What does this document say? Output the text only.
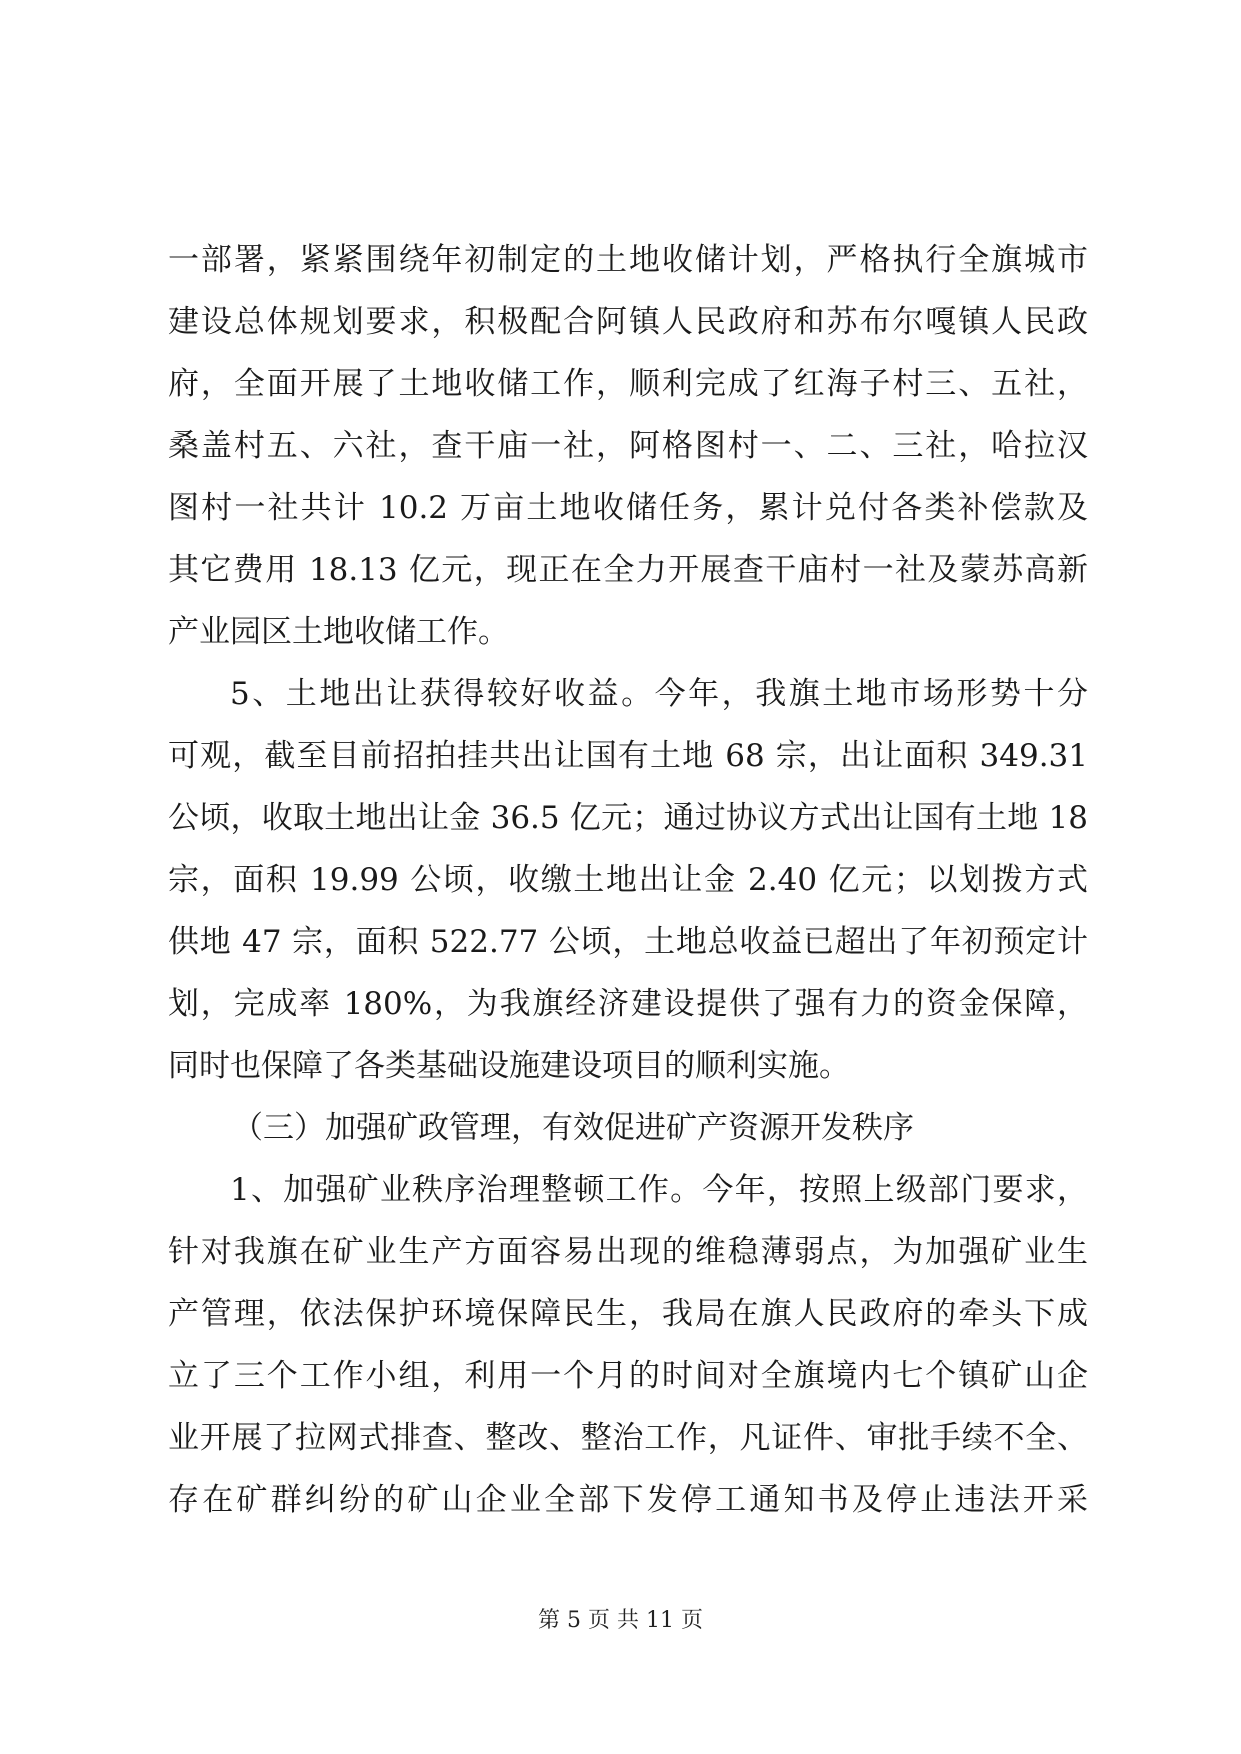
一部署，紧紧围绕年初制定的土地收储计划，严格执行全旗城市
建设总体规划要求，积极配合阿镇人民政府和苏布尔嘎镇人民政
府，全面开展了土地收储工作，顺利完成了红海子村三、五社，
桑盖村五、六社，查干庙一社，阿格图村一、二、三社，哈拉汉
图村一社共计 10.2 万亩土地收储任务，累计兑付各类补偿款及
其它费用 18.13 亿元，现正在全力开展查干庙村一社及蒙苏高新
产业园区土地收储工作。
5、土地出让获得较好收益。今年，我旗土地市场形势十分
可观，截至目前招拍挂共出让国有土地 68 宗，出让面积 349.31
公顷，收取土地出让金 36.5 亿元；通过协议方式出让国有土地 18
宗，面积 19.99 公顷，收缴土地出让金 2.40 亿元；以划拨方式
供地 47 宗，面积 522.77 公顷，土地总收益已超出了年初预定计
划，完成率 180%，为我旗经济建设提供了强有力的资金保障，
同时也保障了各类基础设施建设项目的顺利实施。
（三）加强矿政管理，有效促进矿产资源开发秩序
1、加强矿业秩序治理整顿工作。今年，按照上级部门要求，
针对我旗在矿业生产方面容易出现的维稳薄弱点，为加强矿业生
产管理，依法保护环境保障民生，我局在旗人民政府的牵头下成
立了三个工作小组，利用一个月的时间对全旗境内七个镇矿山企
业开展了拉网式排查、整改、整治工作，凡证件、审批手续不全、
存在矿群纠纷的矿山企业全部下发停工通知书及停止违法开采
第 5 页 共 11 页
